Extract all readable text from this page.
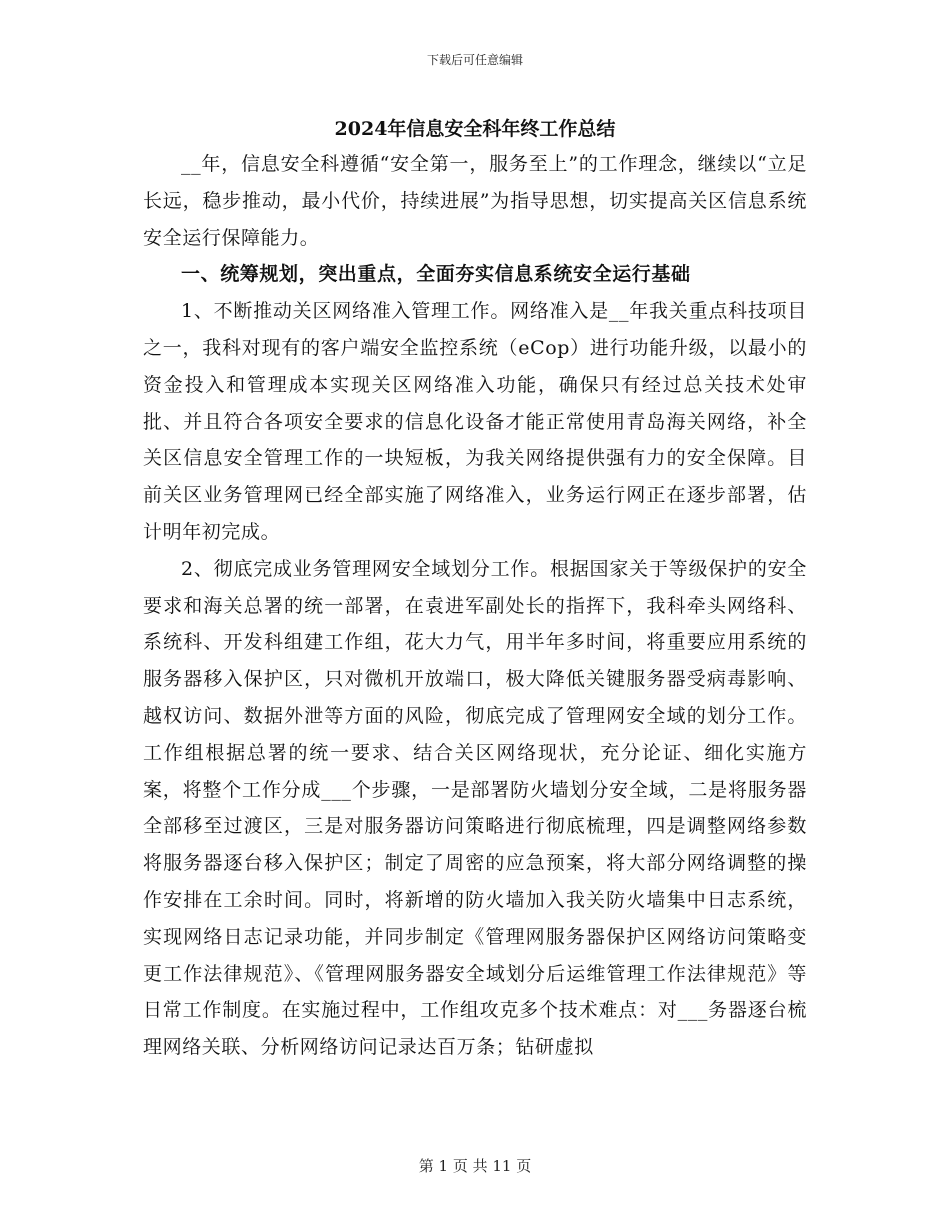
下载后可任意编辑
2024年信息安全科年终工作总结

__年，信息安全科遵循“安全第一，服务至上”的工作理念，继续以“立足长远，稳步推动，最小代价，持续进展”为指导思想，切实提高关区信息系统安全运行保障能力。

一、统筹规划，突出重点，全面夯实信息系统安全运行基础

1、不断推动关区网络准入管理工作。网络准入是__年我关重点科技项目之一，我科对现有的客户端安全监控系统（eCop）进行功能升级，以最小的资金投入和管理成本实现关区网络准入功能，确保只有经过总关技术处审批、并且符合各项安全要求的信息化设备才能正常使用青岛海关网络，补全关区信息安全管理工作的一块短板，为我关网络提供强有力的安全保障。目前关区业务管理网已经全部实施了网络准入，业务运行网正在逐步部署，估计明年初完成。

2、彻底完成业务管理网安全域划分工作。根据国家关于等级保护的安全要求和海关总署的统一部署，在袁进军副处长的指挥下，我科牵头网络科、系统科、开发科组建工作组，花大力气，用半年多时间，将重要应用系统的服务器移入保护区，只对微机开放端口，极大降低关键服务器受病毒影响、越权访问、数据外泄等方面的风险，彻底完成了管理网安全域的划分工作。工作组根据总署的统一要求、结合关区网络现状，充分论证、细化实施方案，将整个工作分成___个步骤，一是部署防火墙划分安全域，二是将服务器全部移至过渡区，三是对服务器访问策略进行彻底梳理，四是调整网络参数将服务器逐台移入保护区；制定了周密的应急预案，将大部分网络调整的操作安排在工余时间。同时，将新增的防火墙加入我关防火墙集中日志系统，实现网络日志记录功能，并同步制定《管理网服务器保护区网络访问策略变更工作法律规范》、《管理网服务器安全域划分后运维管理工作法律规范》等日常工作制度。在实施过程中，工作组攻克多个技术难点：对___务器逐台梳理网络关联、分析网络访问记录达百万条；钻研虚拟

第 1 页 共 11 页
